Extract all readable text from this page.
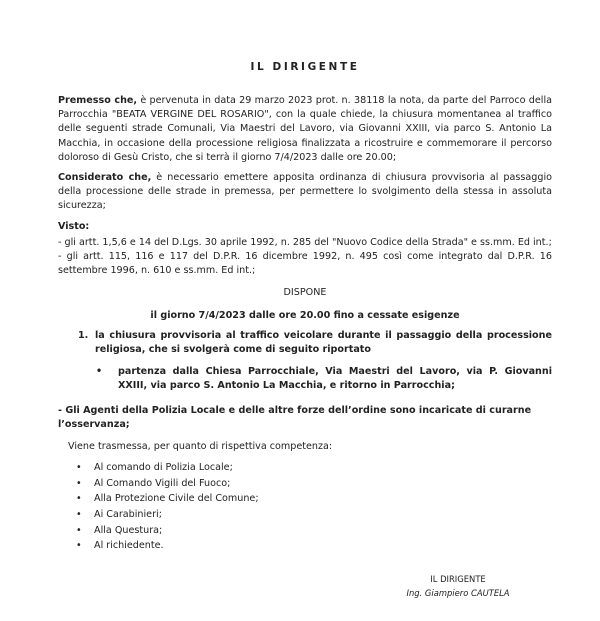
IL DIRIGENTE
Premesso che, è pervenuta in data 29 marzo 2023 prot. n. 38118 la nota, da parte del Parroco della Parrocchia "BEATA VERGINE DEL ROSARIO", con la quale chiede, la chiusura momentanea al traffico delle seguenti strade Comunali, Via Maestri del Lavoro, via Giovanni XXIII, via parco S. Antonio La Macchia, in occasione della processione religiosa finalizzata a ricostruire e commemorare il percorso doloroso di Gesù Cristo, che si terrà il giorno 7/4/2023 dalle ore 20.00;
Considerato che, è necessario emettere apposita ordinanza di chiusura provvisoria al passaggio della processione delle strade in premessa, per permettere lo svolgimento della stessa in assoluta sicurezza;
Visto:
- gli artt. 1,5,6 e 14 del D.Lgs. 30 aprile 1992, n. 285 del "Nuovo Codice della Strada" e ss.mm. Ed int.;
- gli artt. 115, 116 e 117 del D.P.R. 16 dicembre 1992, n. 495 così come integrato dal D.P.R. 16 settembre 1996, n. 610 e ss.mm. Ed int.;
DISPONE
il giorno 7/4/2023 dalle ore 20.00 fino a cessate esigenze
1. la chiusura provvisoria al traffico veicolare durante il passaggio della processione religiosa, che si svolgerà come di seguito riportato
•	partenza dalla Chiesa Parrocchiale, Via Maestri del Lavoro, via P. Giovanni XXIII, via parco S. Antonio La Macchia, e ritorno in Parrocchia;
- Gli Agenti della Polizia Locale e delle altre forze dell’ordine sono incaricate di curarne l’osservanza;
Viene trasmessa, per quanto di rispettiva competenza:
•	Al comando di Polizia Locale;
•	Al Comando Vigili del Fuoco;
•	Alla Protezione Civile del Comune;
•	Ai Carabinieri;
•	Alla Questura;
•	Al richiedente.
IL DIRIGENTE
Ing. Giampiero CAUTELA
